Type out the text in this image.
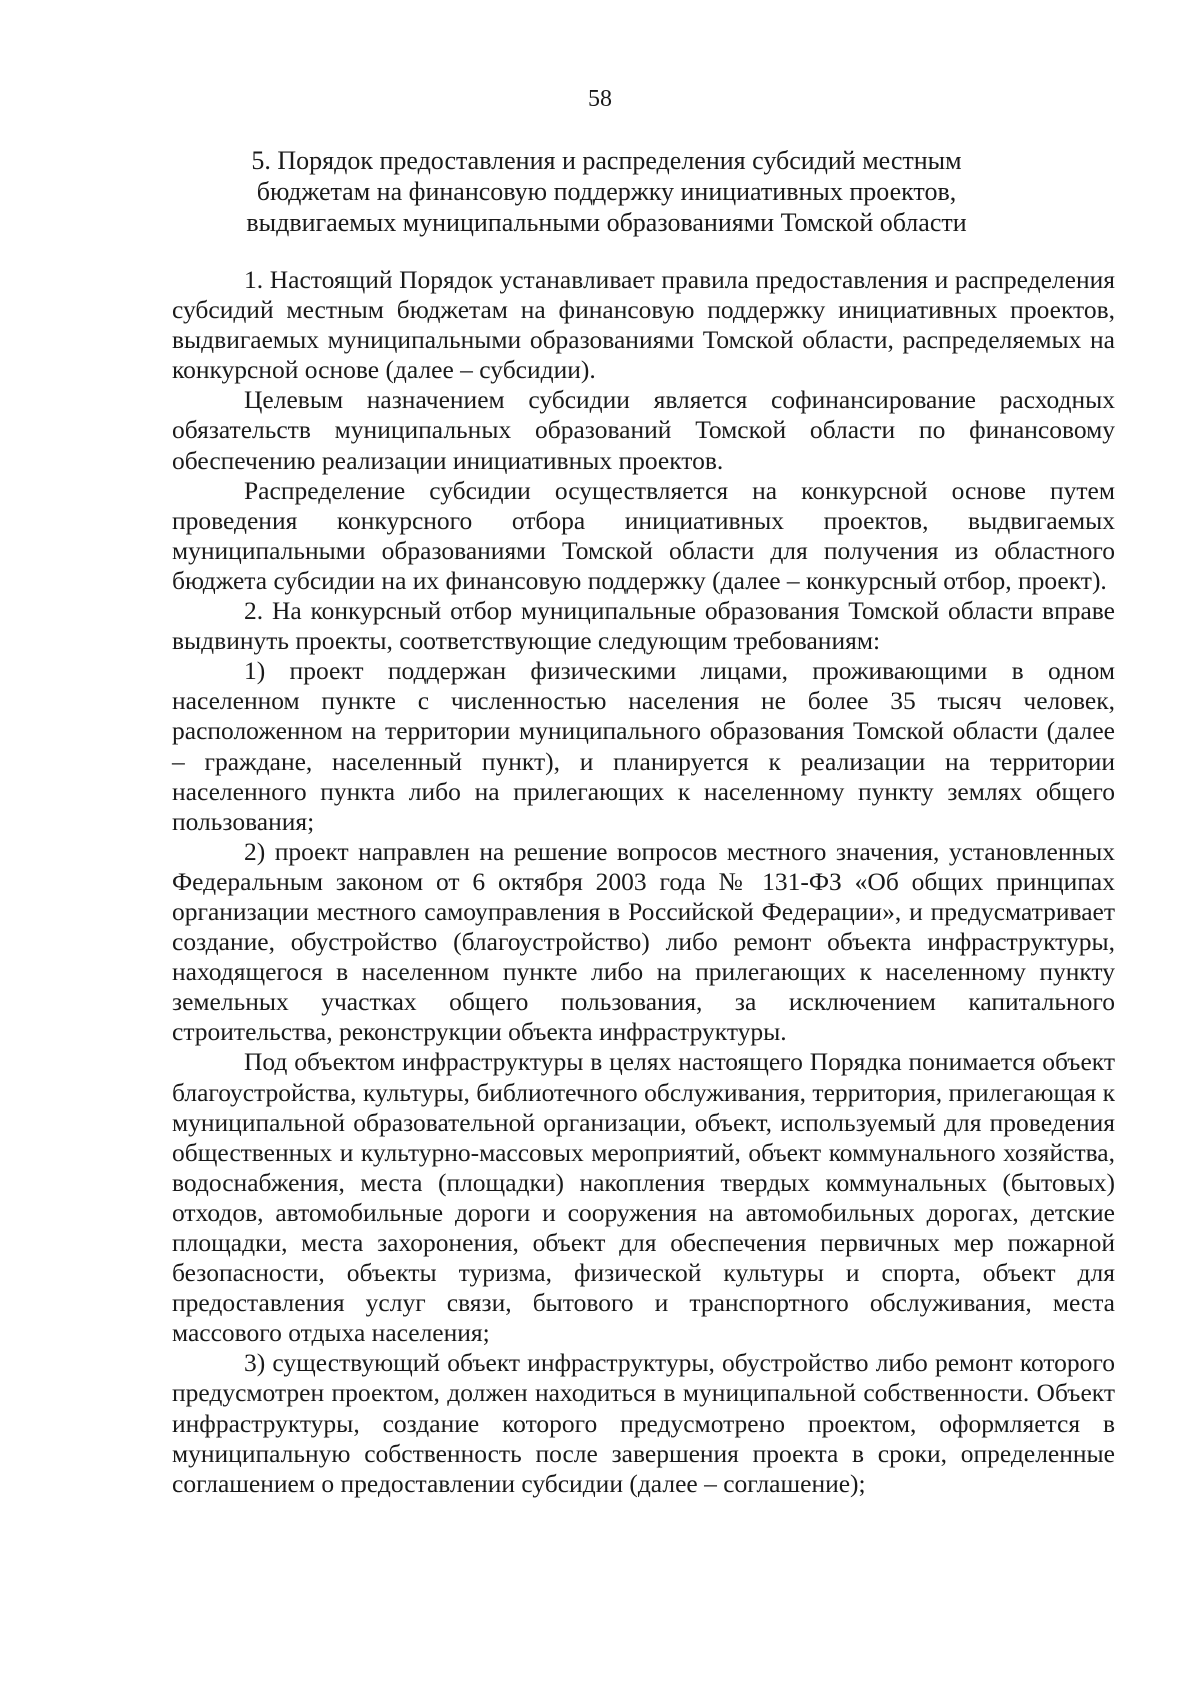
58
5. Порядок предоставления и распределения субсидий местным
бюджетам на финансовую поддержку инициативных проектов,
выдвигаемых муниципальными образованиями Томской области

1. Настоящий Порядок устанавливает правила предоставления и распределения субсидий местным бюджетам на финансовую поддержку инициативных проектов, выдвигаемых муниципальными образованиями Томской области, распределяемых на конкурсной основе (далее – субсидии).

Целевым назначением субсидии является софинансирование расходных обязательств муниципальных образований Томской области по финансовому обеспечению реализации инициативных проектов.

Распределение субсидии осуществляется на конкурсной основе путем проведения конкурсного отбора инициативных проектов, выдвигаемых муниципальными образованиями Томской области для получения из областного бюджета субсидии на их финансовую поддержку (далее – конкурсный отбор, проект).

2. На конкурсный отбор муниципальные образования Томской области вправе выдвинуть проекты, соответствующие следующим требованиям:

1) проект поддержан физическими лицами, проживающими в одном населенном пункте с численностью населения не более 35 тысяч человек, расположенном на территории муниципального образования Томской области (далее – граждане, населенный пункт), и планируется к реализации на территории населенного пункта либо на прилегающих к населенному пункту землях общего пользования;

2) проект направлен на решение вопросов местного значения, установленных Федеральным законом от 6 октября 2003 года № 131-ФЗ «Об общих принципах организации местного самоуправления в Российской Федерации», и предусматривает создание, обустройство (благоустройство) либо ремонт объекта инфраструктуры, находящегося в населенном пункте либо на прилегающих к населенному пункту земельных участках общего пользования, за исключением капитального строительства, реконструкции объекта инфраструктуры.

Под объектом инфраструктуры в целях настоящего Порядка понимается объект благоустройства, культуры, библиотечного обслуживания, территория, прилегающая к муниципальной образовательной организации, объект, используемый для проведения общественных и культурно-массовых мероприятий, объект коммунального хозяйства, водоснабжения, места (площадки) накопления твердых коммунальных (бытовых) отходов, автомобильные дороги и сооружения на автомобильных дорогах, детские площадки, места захоронения, объект для обеспечения первичных мер пожарной безопасности, объекты туризма, физической культуры и спорта, объект для предоставления услуг связи, бытового и транспортного обслуживания, места массового отдыха населения;

3) существующий объект инфраструктуры, обустройство либо ремонт которого предусмотрен проектом, должен находиться в муниципальной собственности. Объект инфраструктуры, создание которого предусмотрено проектом, оформляется в муниципальную собственность после завершения проекта в сроки, определенные соглашением о предоставлении субсидии (далее – соглашение);
